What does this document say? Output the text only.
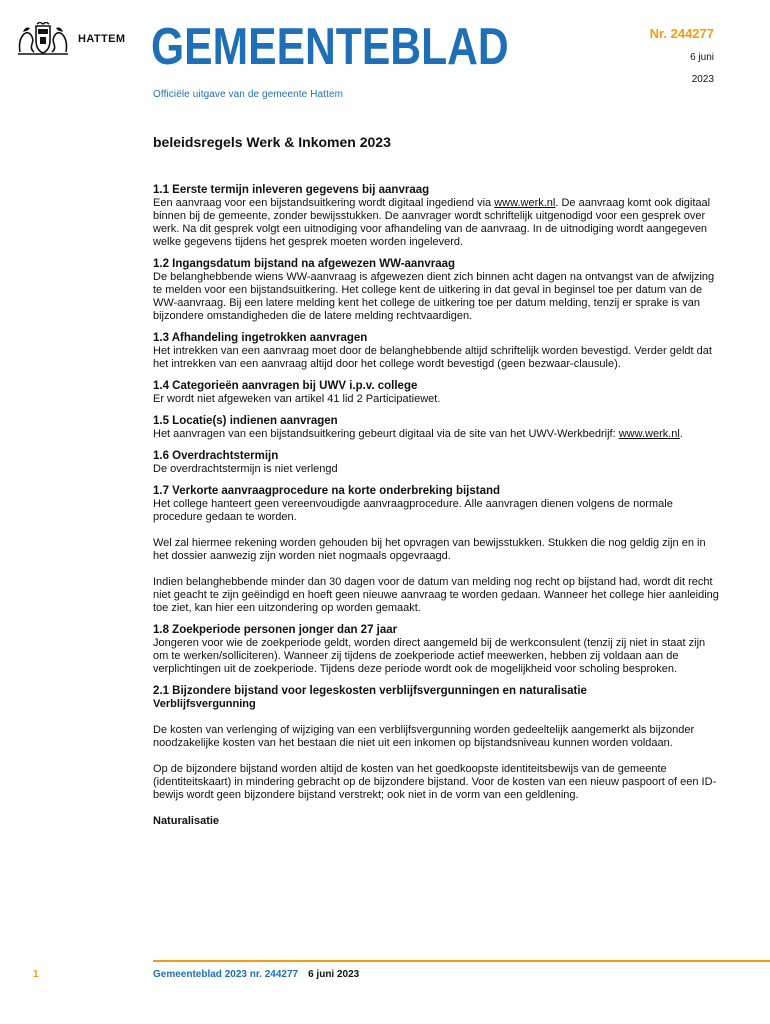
HATTEM GEMEENTEBLAD
Officiële uitgave van de gemeente Hattem
Nr. 244277
6 juni
2023
beleidsregels Werk & Inkomen 2023
1.1 Eerste termijn inleveren gegevens bij aanvraag

Een aanvraag voor een bijstandsuitkering wordt digitaal ingediend via www.werk.nl. De aanvraag komt ook digitaal binnen bij de gemeente, zonder bewijsstukken. De aanvrager wordt schriftelijk uitgenodigd voor een gesprek over werk. Na dit gesprek volgt een uitnodiging voor afhandeling van de aanvraag. In de uitnodiging wordt aangegeven welke gegevens tijdens het gesprek moeten worden ingeleverd.

1.2 Ingangsdatum bijstand na afgewezen WW-aanvraag

De belanghebbende wiens WW-aanvraag is afgewezen dient zich binnen acht dagen na ontvangst van de afwijzing te melden voor een bijstandsuitkering. Het college kent de uitkering in dat geval in beginsel toe per datum van de WW-aanvraag. Bij een latere melding kent het college de uitkering toe per datum melding, tenzij er sprake is van bijzondere omstandigheden die de latere melding rechtvaardigen.

1.3 Afhandeling ingetrokken aanvragen

Het intrekken van een aanvraag moet door de belanghebbende altijd schriftelijk worden bevestigd. Verder geldt dat het intrekken van een aanvraag altijd door het college wordt bevestigd (geen bezwaar-clausule).

1.4 Categorieën aanvragen bij UWV i.p.v. college

Er wordt niet afgeweken van artikel 41 lid 2 Participatiewet.

1.5 Locatie(s) indienen aanvragen

Het aanvragen van een bijstandsuitkering gebeurt digitaal via de site van het UWV-Werkbedrijf: www.werk.nl.

1.6 Overdrachtstermijn

De overdrachtstermijn is niet verlengd

1.7 Verkorte aanvraagprocedure na korte onderbreking bijstand

Het college hanteert geen vereenvoudigde aanvraagprocedure. Alle aanvragen dienen volgens de normale procedure gedaan te worden.

Wel zal hiermee rekening worden gehouden bij het opvragen van bewijsstukken. Stukken die nog geldig zijn en in het dossier aanwezig zijn worden niet nogmaals opgevraagd.

Indien belanghebbende minder dan 30 dagen voor de datum van melding nog recht op bijstand had, wordt dit recht niet geacht te zijn geëindigd en hoeft geen nieuwe aanvraag te worden gedaan. Wanneer het college hier aanleiding toe ziet, kan hier een uitzondering op worden gemaakt.

1.8 Zoekperiode personen jonger dan 27 jaar

Jongeren voor wie de zoekperiode geldt, worden direct aangemeld bij de werkconsulent (tenzij zij niet in staat zijn om te werken/solliciteren). Wanneer zij tijdens de zoekperiode actief meewerken, hebben zij voldaan aan de verplichtingen uit de zoekperiode. Tijdens deze periode wordt ook de mogelijkheid voor scholing besproken.

2.1 Bijzondere bijstand voor legeskosten verblijfsvergunningen en naturalisatie

Verblijfsvergunning

De kosten van verlenging of wijziging van een verblijfsvergunning worden gedeeltelijk aangemerkt als bijzonder noodzakelijke kosten van het bestaan die niet uit een inkomen op bijstandsniveau kunnen worden voldaan.

Op de bijzondere bijstand worden altijd de kosten van het goedkoopste identiteitsbewijs van de gemeente (identiteitskaart) in mindering gebracht op de bijzondere bijstand. Voor de kosten van een nieuw paspoort of een ID-bewijs wordt geen bijzondere bijstand verstrekt; ook niet in de vorm van een geldlening.

Naturalisatie

1	Gemeenteblad 2023 nr. 244277 6 juni 2023
